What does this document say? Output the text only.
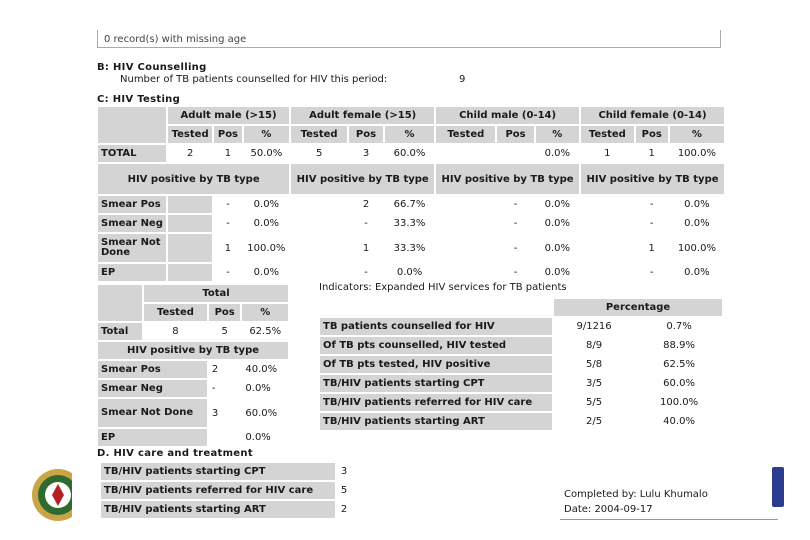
0 record(s) with missing age
B: HIV Counselling
Number of TB patients counselled for HIV this period:	9
C: HIV Testing
	Adult male (>15)			Adult female (>15)			Child male (0-14)			Child female (0-14)		
	Tested	Pos	%	Tested	Pos	%	Tested	Pos	%	Tested	Pos	%
TOTAL	2	1	50.0%	5	3	60.0%			0.0%	1	1	100.0%
HIV positive by TB type				HIV positive by TB type			HIV positive by TB type			HIV positive by TB type		
Smear Pos		-	0.0%		2	66.7%		-	0.0%		-	0.0%
Smear Neg		-	0.0%		-	33.3%		-	0.0%		-	0.0%
Smear Not Done		1	100.0%		1	33.3%		-	0.0%		1	100.0%
EP		-	0.0%		-	0.0%		-	0.0%		-	0.0%
	Total		
	Tested	Pos	%
Total	8	5	62.5%
HIV positive by TB type			
Smear Pos		2	40.0%
Smear Neg		-	0.0%
Smear Not Done		3	60.0%
EP			0.0%
Indicators: Expanded HIV services for TB patients
	Percentage	
TB patients counselled for HIV	9/1216	0.7%
Of TB pts counselled, HIV tested	8/9	88.9%
Of TB pts tested, HIV positive	5/8	62.5%
TB/HIV patients starting CPT	3/5	60.0%
TB/HIV patients referred for HIV care	5/5	100.0%
TB/HIV patients starting ART	2/5	40.0%
D. HIV care and treatment
TB/HIV patients starting CPT	3
TB/HIV patients referred for HIV care	5
TB/HIV patients starting ART	2
Completed by: Lulu Khumalo
Date: 2004-09-17
